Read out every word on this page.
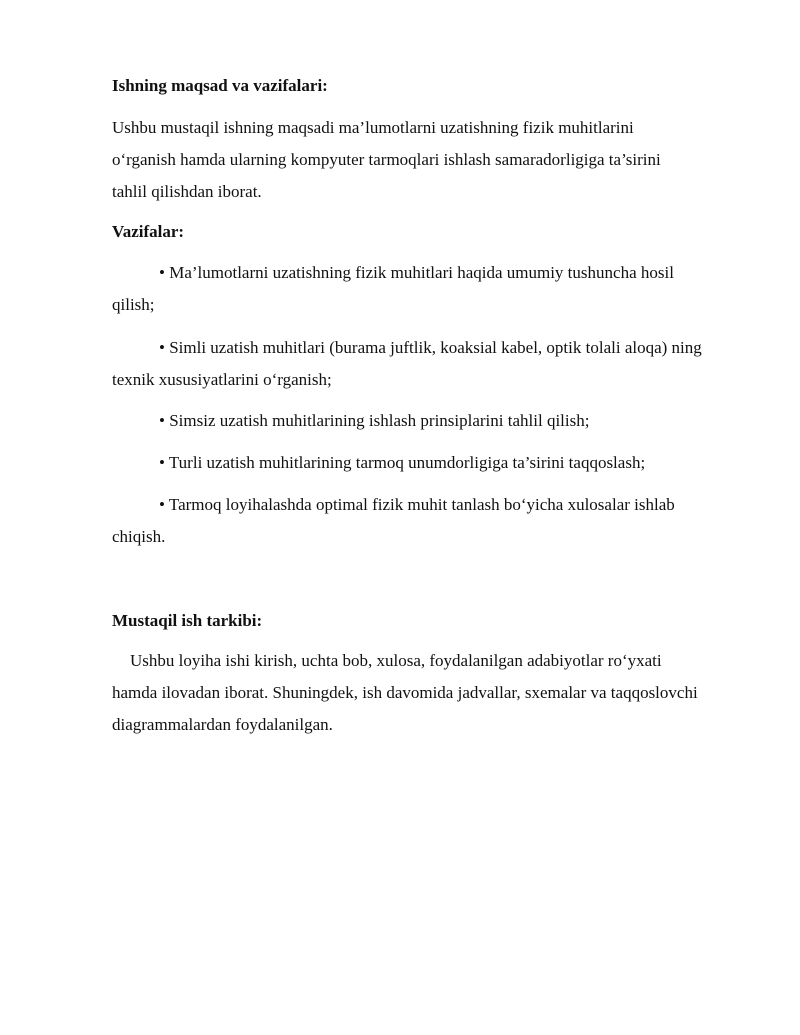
Ishning maqsad va vazifalari:

Ushbu mustaqil ishning maqsadi ma’lumotlarni uzatishning fizik muhitlarini
o‘rganish hamda ularning kompyuter tarmoqlari ishlash samaradorligiga ta’sirini
tahlil qilishdan iborat.

Vazifalar:

• Ma’lumotlarni uzatishning fizik muhitlari haqida umumiy tushuncha hosil
qilish;

• Simli uzatish muhitlari (burama juftlik, koaksial kabel, optik tolali aloqa) ning
texnik xususiyatlarini o‘rganish;

• Simsiz uzatish muhitlarining ishlash prinsiplarini tahlil qilish;

• Turli uzatish muhitlarining tarmoq unumdorligiga ta’sirini taqqoslash;

• Tarmoq loyihalashda optimal fizik muhit tanlash bo‘yicha xulosalar ishlab
chiqish.

Mustaqil ish tarkibi:

Ushbu loyiha ishi kirish, uchta bob, xulosa, foydalanilgan adabiyotlar ro‘yxati
hamda ilovadan iborat. Shuningdek, ish davomida jadvallar, sxemalar va taqqoslovchi
diagrammalardan foydalanilgan.
